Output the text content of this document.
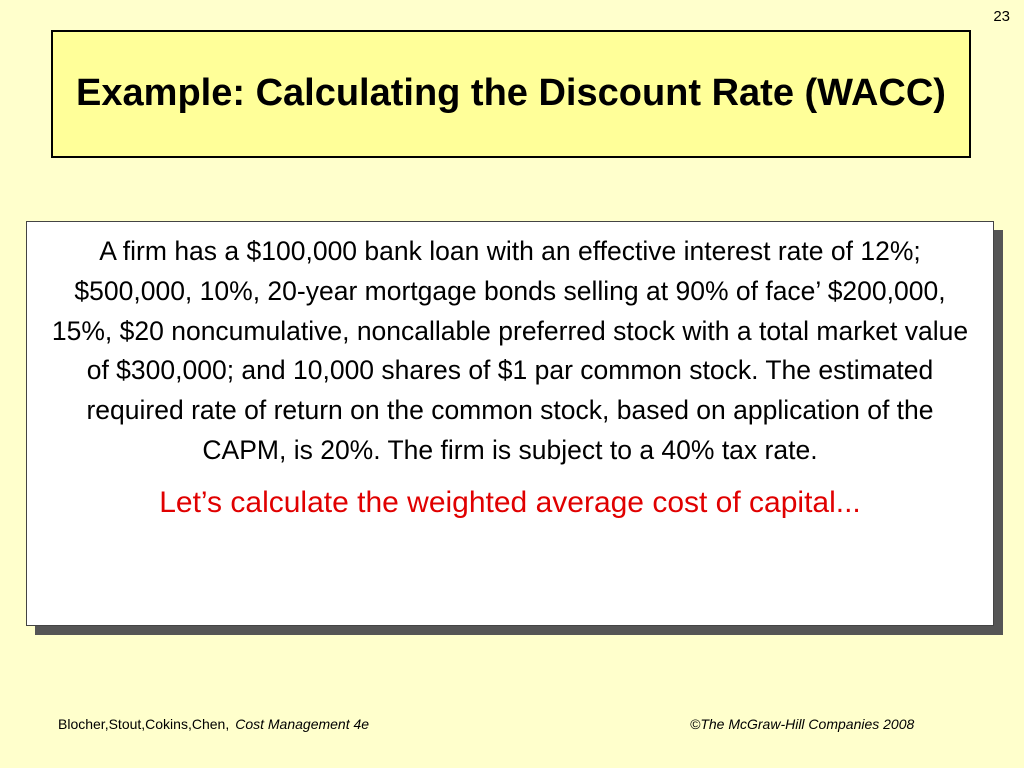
23
Example: Calculating the Discount Rate (WACC)

A firm has a $100,000 bank loan with an effective interest rate of 12%; $500,000, 10%, 20-year mortgage bonds selling at 90% of face’ $200,000, 15%, $20 noncumulative, noncallable preferred stock with a total market value of $300,000; and 10,000 shares of $1 par common stock. The estimated required rate of return on the common stock, based on application of the CAPM, is 20%. The firm is subject to a 40% tax rate.

Let’s calculate the weighted average cost of capital...

Blocher,Stout,Cokins,Chen, Cost Management 4e	©The McGraw-Hill Companies 2008
